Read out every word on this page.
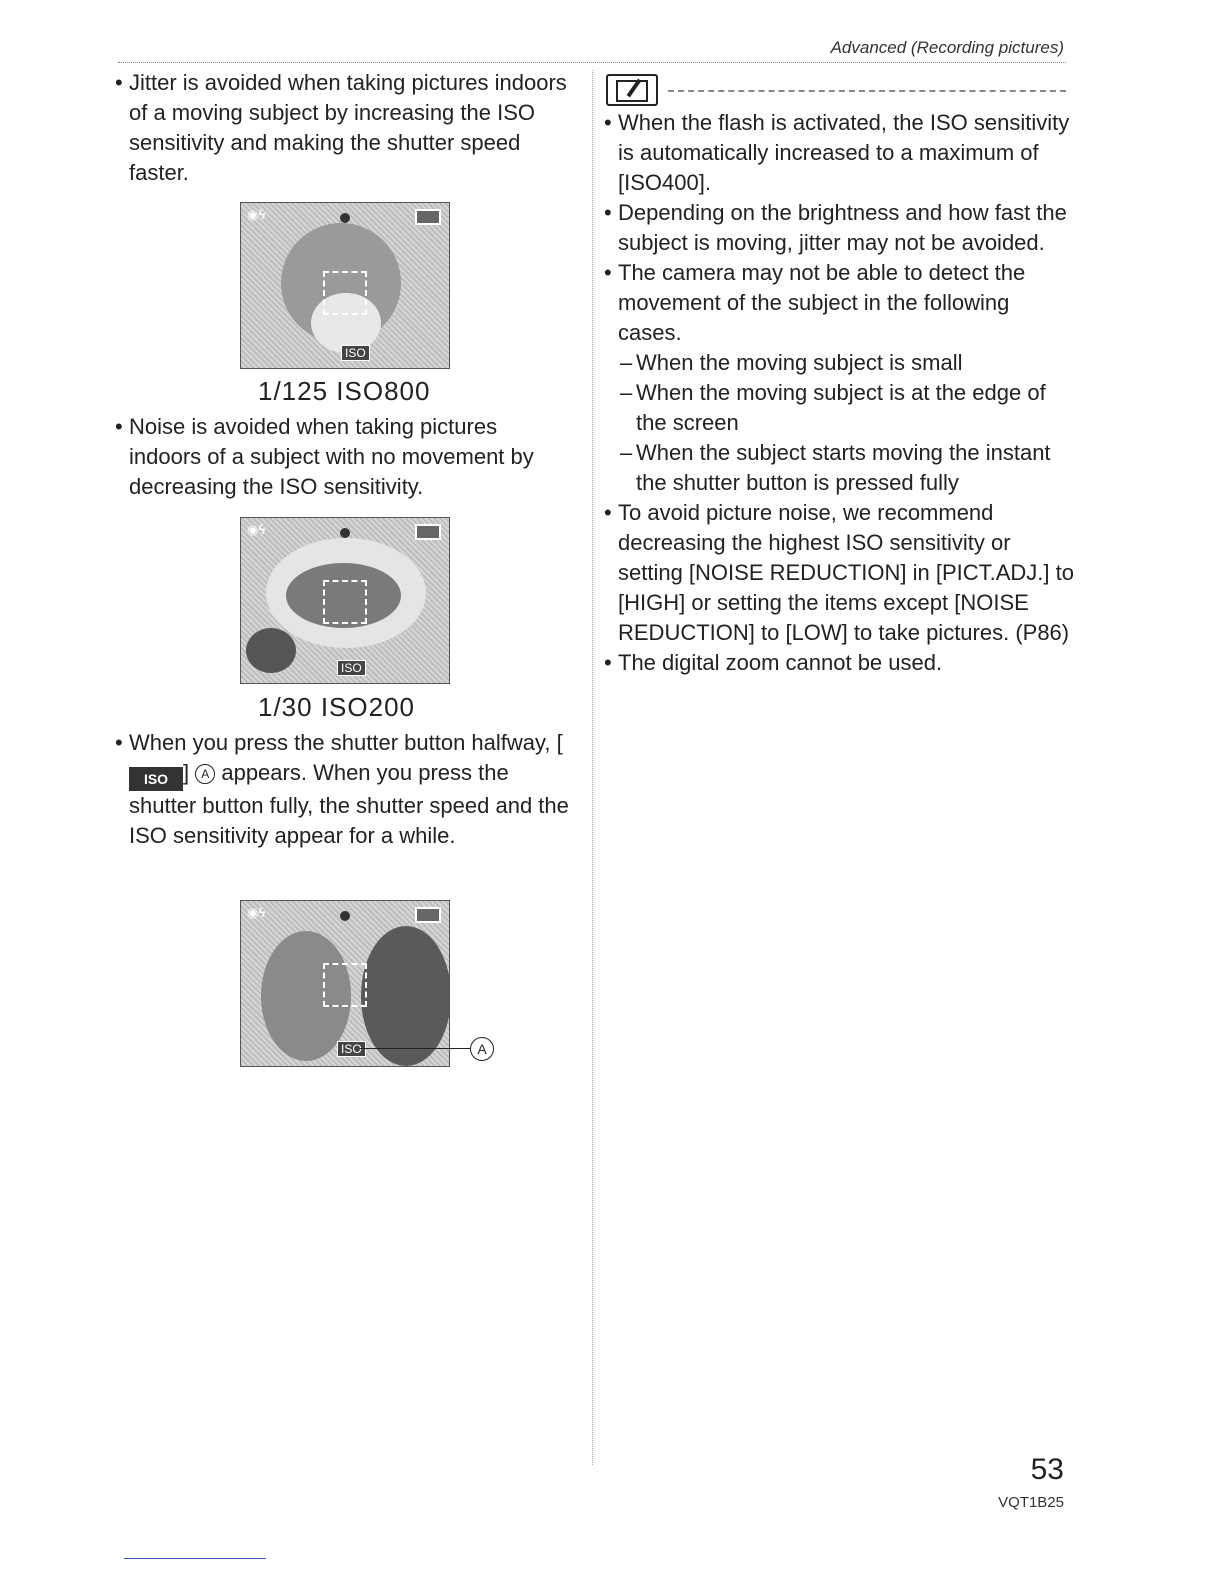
Advanced (Recording pictures)

• Jitter is avoided when taking pictures indoors of a moving subject by increasing the ISO sensitivity and making the shutter speed faster.

◉ϟ
ISO
1/125 ISO800

• Noise is avoided when taking pictures indoors of a subject with no movement by decreasing the ISO sensitivity.

◉ϟ
ISO
1/30 ISO200

• When you press the shutter button halfway, [ISO ] A appears. When you press the shutter button fully, the shutter speed and the ISO sensitivity appear for a while.

◉ϟ
ISO	A

• When the flash is activated, the ISO sensitivity is automatically increased to a maximum of [ISO400].

• Depending on the brightness and how fast the subject is moving, jitter may not be avoided.

• The camera may not be able to detect the movement of the subject in the following cases.

– When the moving subject is small
– When the moving subject is at the edge of the screen
– When the subject starts moving the instant the shutter button is pressed fully

• To avoid picture noise, we recommend decreasing the highest ISO sensitivity or setting [NOISE REDUCTION] in [PICT.ADJ.] to [HIGH] or setting the items except [NOISE REDUCTION] to [LOW] to take pictures. (P86)

• The digital zoom cannot be used.

53
VQT1B25
